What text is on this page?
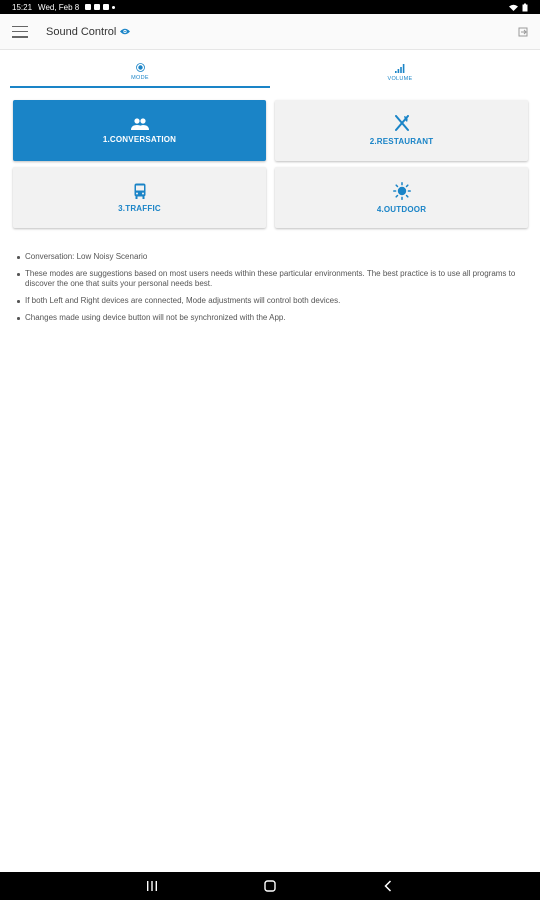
15:21 Wed, Feb 8
Sound Control
MODE	VOLUME
1.CONVERSATION	2.RESTAURANT
3.TRAFFIC	4.OUTDOOR
Conversation: Low Noisy Scenario
These modes are suggestions based on most users needs within these particular environments. The best practice is to use all programs to discover the one that suits your personal needs best.
If both Left and Right devices are connected, Mode adjustments will control both devices.
Changes made using device button will not be synchronized with the App.
